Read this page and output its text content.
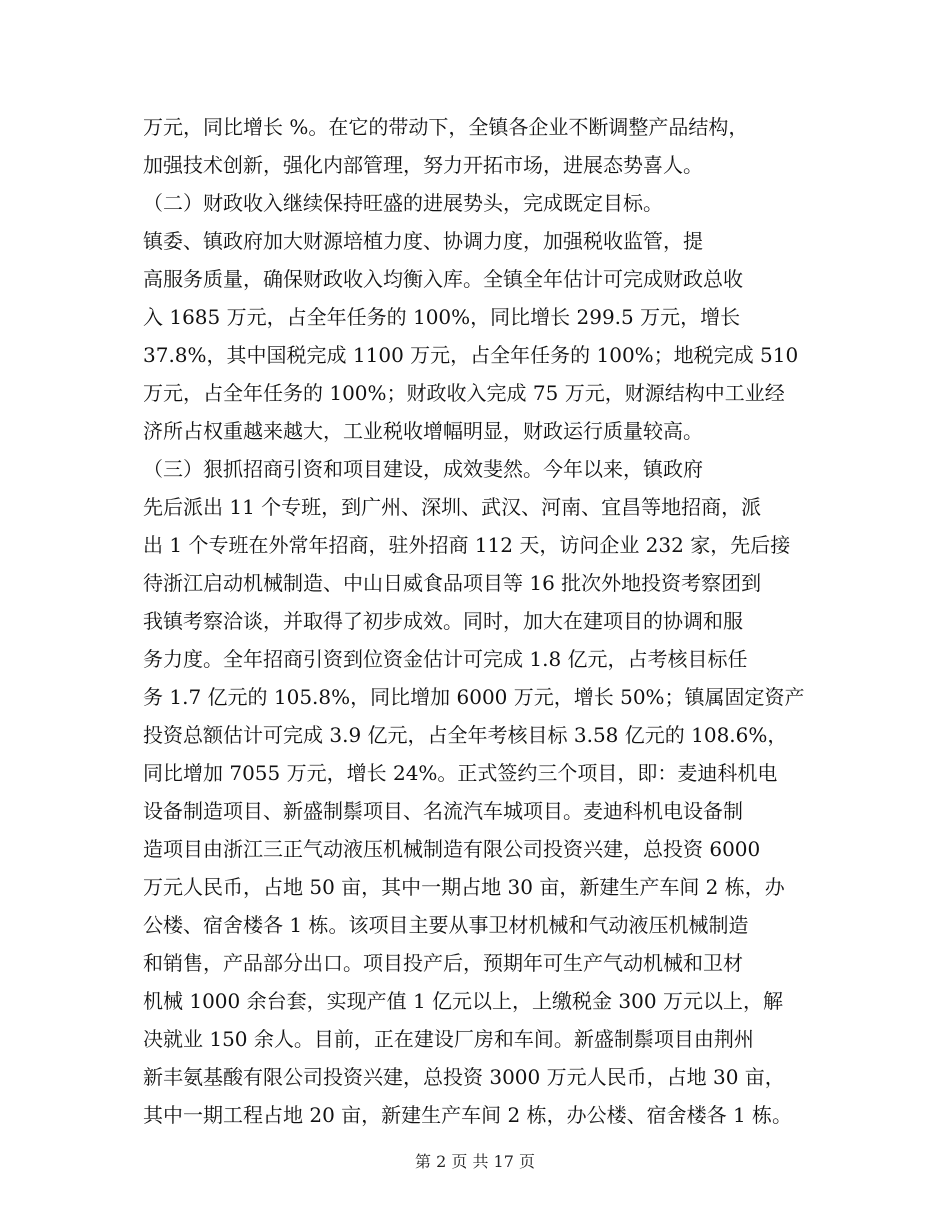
万元，同比增长 %。在它的带动下，全镇各企业不断调整产品结构，
加强技术创新，强化内部管理，努力开拓市场，进展态势喜人。
（二）财政收入继续保持旺盛的进展势头，完成既定目标。
镇委、镇政府加大财源培植力度、协调力度，加强税收监管，提
高服务质量，确保财政收入均衡入库。全镇全年估计可完成财政总收
入 1685 万元，占全年任务的 100%，同比增长 299.5 万元，增长
37.8%，其中国税完成 1100 万元，占全年任务的 100%；地税完成 510
万元，占全年任务的 100%；财政收入完成 75 万元，财源结构中工业经
济所占权重越来越大，工业税收增幅明显，财政运行质量较高。
（三）狠抓招商引资和项目建设，成效斐然。今年以来，镇政府
先后派出 11 个专班，到广州、深圳、武汉、河南、宜昌等地招商，派
出 1 个专班在外常年招商，驻外招商 112 天，访问企业 232 家，先后接
待浙江启动机械制造、中山日威食品项目等 16 批次外地投资考察团到
我镇考察洽谈，并取得了初步成效。同时，加大在建项目的协调和服
务力度。全年招商引资到位资金估计可完成 1.8 亿元，占考核目标任
务 1.7 亿元的 105.8%，同比增加 6000 万元，增长 50%；镇属固定资产
投资总额估计可完成 3.9 亿元，占全年考核目标 3.58 亿元的 108.6%，
同比增加 7055 万元，增长 24%。正式签约三个项目，即：麦迪科机电
设备制造项目、新盛制鬃项目、名流汽车城项目。麦迪科机电设备制
造项目由浙江三正气动液压机械制造有限公司投资兴建，总投资 6000
万元人民币，占地 50 亩，其中一期占地 30 亩，新建生产车间 2 栋，办
公楼、宿舍楼各 1 栋。该项目主要从事卫材机械和气动液压机械制造
和销售，产品部分出口。项目投产后，预期年可生产气动机械和卫材
机械 1000 余台套，实现产值 1 亿元以上，上缴税金 300 万元以上，解
决就业 150 余人。目前，正在建设厂房和车间。新盛制鬃项目由荆州
新丰氨基酸有限公司投资兴建，总投资 3000 万元人民币，占地 30 亩，
其中一期工程占地 20 亩，新建生产车间 2 栋，办公楼、宿舍楼各 1 栋。
第 2 页 共 17 页
